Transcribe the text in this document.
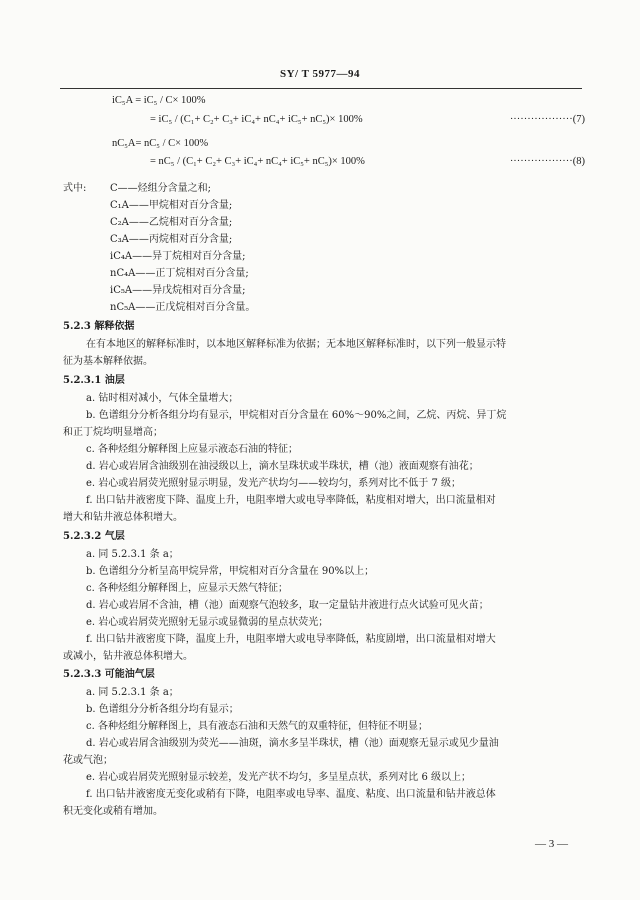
SY/ T 5977—94
iC₅A = iC₅ / C× 100%
= iC₅ / (C₁+ C₂+ C₃+ iC₄+ nC₄+ iC₅+ nC₅)× 100%	··················(7)
nC₅A= nC₅ / C× 100%
= nC₅ / (C₁+ C₂+ C₃+ iC₄+ nC₄+ iC₅+ nC₅)× 100%	··················(8)
式中: C——烃组分含量之和;
C₁A——甲烷相对百分含量;
C₂A——乙烷相对百分含量;
C₃A——丙烷相对百分含量;
iC₄A——异丁烷相对百分含量;
nC₄A——正丁烷相对百分含量;
iC₅A——异戊烷相对百分含量;
nC₅A——正戊烷相对百分含量。
5.2.3 解释依据
在有本地区的解释标准时，以本地区解释标准为依据；无本地区解释标准时，以下列一般显示特
征为基本解释依据。
5.2.3.1 油层
a. 钻时相对减小，气体全量增大；
b. 色谱组分分析各组分均有显示，甲烷相对百分含量在 60%～90%之间，乙烷、丙烷、异丁烷
和正丁烷均明显增高；
c. 各种烃组分解释图上应显示液态石油的特征；
d. 岩心或岩屑含油级别在油浸级以上，滴水呈珠状或半珠状，槽（池）液面观察有油花；
e. 岩心或岩屑荧光照射显示明显，发光产状均匀——较均匀，系列对比不低于 7 级；
f. 出口钻井液密度下降、温度上升，电阻率增大或电导率降低，粘度相对增大，出口流量相对
增大和钻井液总体积增大。
5.2.3.2 气层
a. 同 5.2.3.1 条 a；
b. 色谱组分分析呈高甲烷异常，甲烷相对百分含量在 90%以上；
c. 各种烃组分解释图上，应显示天然气特征；
d. 岩心或岩屑不含油，槽（池）面观察气泡较多，取一定量钻井液进行点火试验可见火苗；
e. 岩心或岩屑荧光照射无显示或显微弱的星点状荧光；
f. 出口钻井液密度下降，温度上升，电阻率增大或电导率降低，粘度剧增，出口流量相对增大
或减小，钻井液总体积增大。
5.2.3.3 可能油气层
a. 同 5.2.3.1 条 a；
b. 色谱组分分析各组分均有显示；
c. 各种烃组分解释图上，具有液态石油和天然气的双重特征，但特征不明显；
d. 岩心或岩屑含油级别为荧光——油斑，滴水多呈半珠状，槽（池）面观察无显示或见少量油
花或气泡；
e. 岩心或岩屑荧光照射显示较差，发光产状不均匀，多呈星点状，系列对比 6 级以上；
f. 出口钻井液密度无变化或稍有下降，电阻率或电导率、温度、粘度、出口流量和钻井液总体
积无变化或稍有增加。
— 3 —
